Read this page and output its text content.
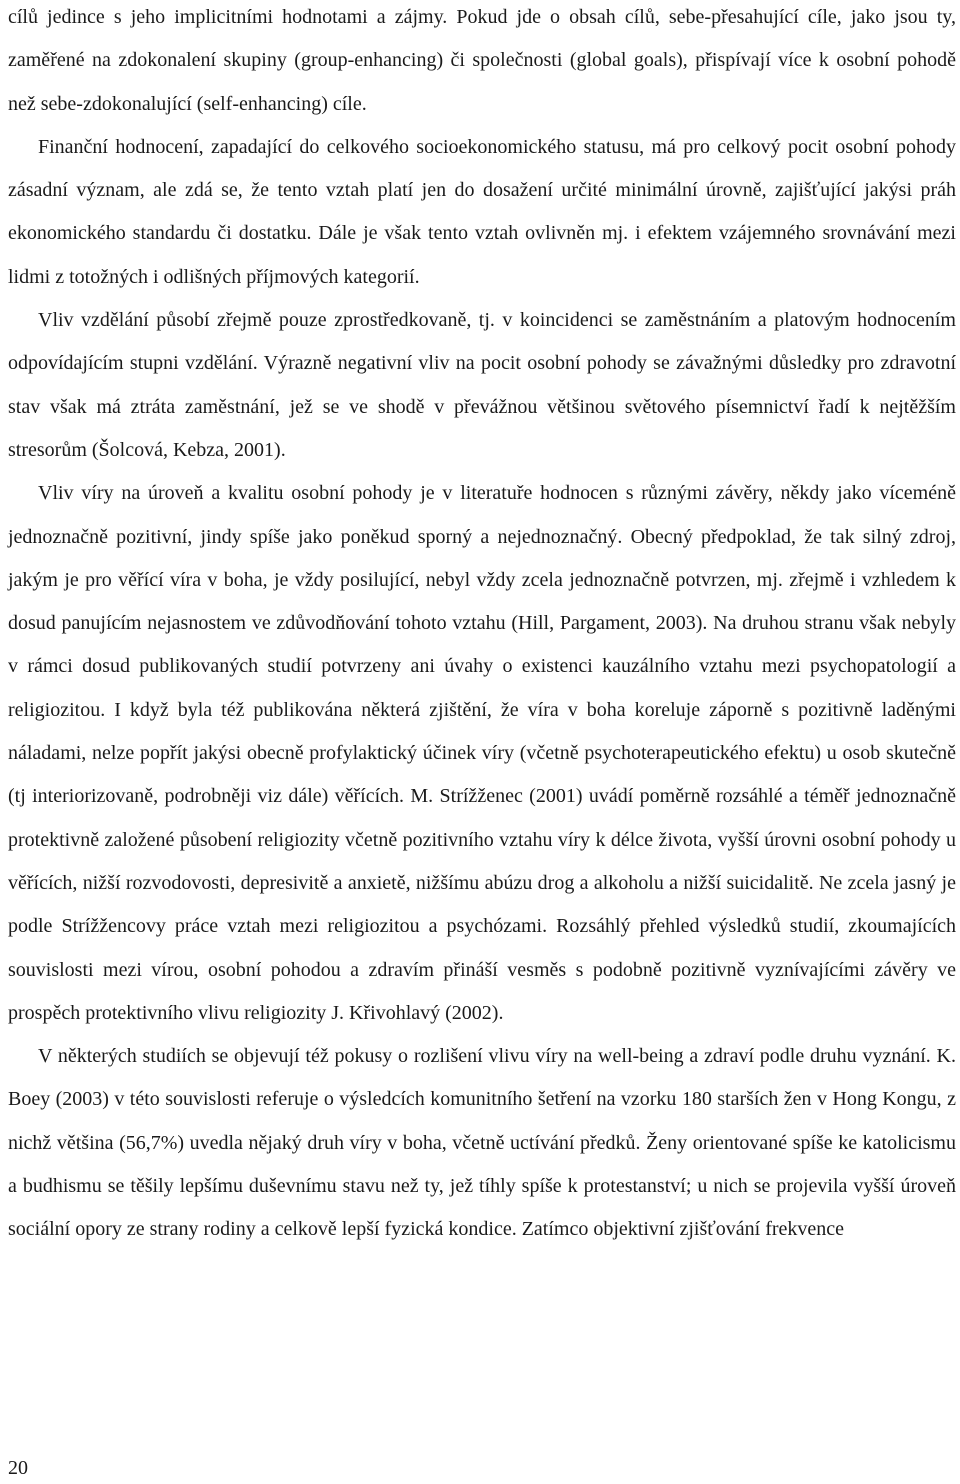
cílů jedince s jeho implicitními hodnotami a zájmy. Pokud jde o obsah cílů, sebe-přesahující cíle, jako jsou ty, zaměřené na zdokonalení skupiny (group-enhancing) či společnosti (global goals), přispívají více k osobní pohodě než sebe-zdokonalující (self-enhancing) cíle.

Finanční hodnocení, zapadající do celkového socioekonomického statusu, má pro celkový pocit osobní pohody zásadní význam, ale zdá se, že tento vztah platí jen do dosažení určité minimální úrovně, zajišťující jakýsi práh ekonomického standardu či dostatku. Dále je však tento vztah ovlivněn mj. i efektem vzájemného srovnávání mezi lidmi z totožných i odlišných příjmových kategorií.

Vliv vzdělání působí zřejmě pouze zprostředkovaně, tj. v koincidenci se zaměstnáním a platovým hodnocením odpovídajícím stupni vzdělání. Výrazně negativní vliv na pocit osobní pohody se závažnými důsledky pro zdravotní stav však má ztráta zaměstnání, jež se ve shodě v převážnou většinou světového písemnictví řadí k nejtěžším stresorům (Šolcová, Kebza, 2001).

Vliv víry na úroveň a kvalitu osobní pohody je v literatuře hodnocen s různými závěry, někdy jako víceméně jednoznačně pozitivní, jindy spíše jako poněkud sporný a nejednoznačný. Obecný předpoklad, že tak silný zdroj, jakým je pro věřící víra v boha, je vždy posilující, nebyl vždy zcela jednoznačně potvrzen, mj. zřejmě i vzhledem k dosud panujícím nejasnostem ve zdůvodňování tohoto vztahu (Hill, Pargament, 2003). Na druhou stranu však nebyly v rámci dosud publikovaných studií potvrzeny ani úvahy o existenci kauzálního vztahu mezi psychopatologií a religiozitou. I když byla též publikována některá zjištění, že víra v boha koreluje záporně s pozitivně laděnými náladami, nelze popřít jakýsi obecně profylaktický účinek víry (včetně psychoterapeutického efektu) u osob skutečně (tj interiorizovaně, podrobněji viz dále) věřících. M. Strížženec (2001) uvádí poměrně rozsáhlé a téměř jednoznačně protektivně založené působení religiozity včetně pozitivního vztahu víry k délce života, vyšší úrovni osobní pohody u věřících, nižší rozvodovosti, depresivitě a anxietě, nižšímu abúzu drog a alkoholu a nižší suicidalitě. Ne zcela jasný je podle Strížžencovy práce vztah mezi religiozitou a psychózami. Rozsáhlý přehled výsledků studií, zkoumajících souvislosti mezi vírou, osobní pohodou a zdravím přináší vesměs s podobně pozitivně vyznívajícími závěry ve prospěch protektivního vlivu religiozity J. Křivohlavý (2002).

V některých studiích se objevují též pokusy o rozlišení vlivu víry na well-being a zdraví podle druhu vyznání. K. Boey (2003) v této souvislosti referuje o výsledcích komunitního šetření na vzorku 180 starších žen v Hong Kongu, z nichž většina (56,7%) uvedla nějaký druh víry v boha, včetně uctívání předků. Ženy orientované spíše ke katolicismu a budhismu se těšily lepšímu duševnímu stavu než ty, jež tíhly spíše k protestanství; u nich se projevila vyšší úroveň sociální opory ze strany rodiny a celkově lepší fyzická kondice. Zatímco objektivní zjišťování frekvence

20
